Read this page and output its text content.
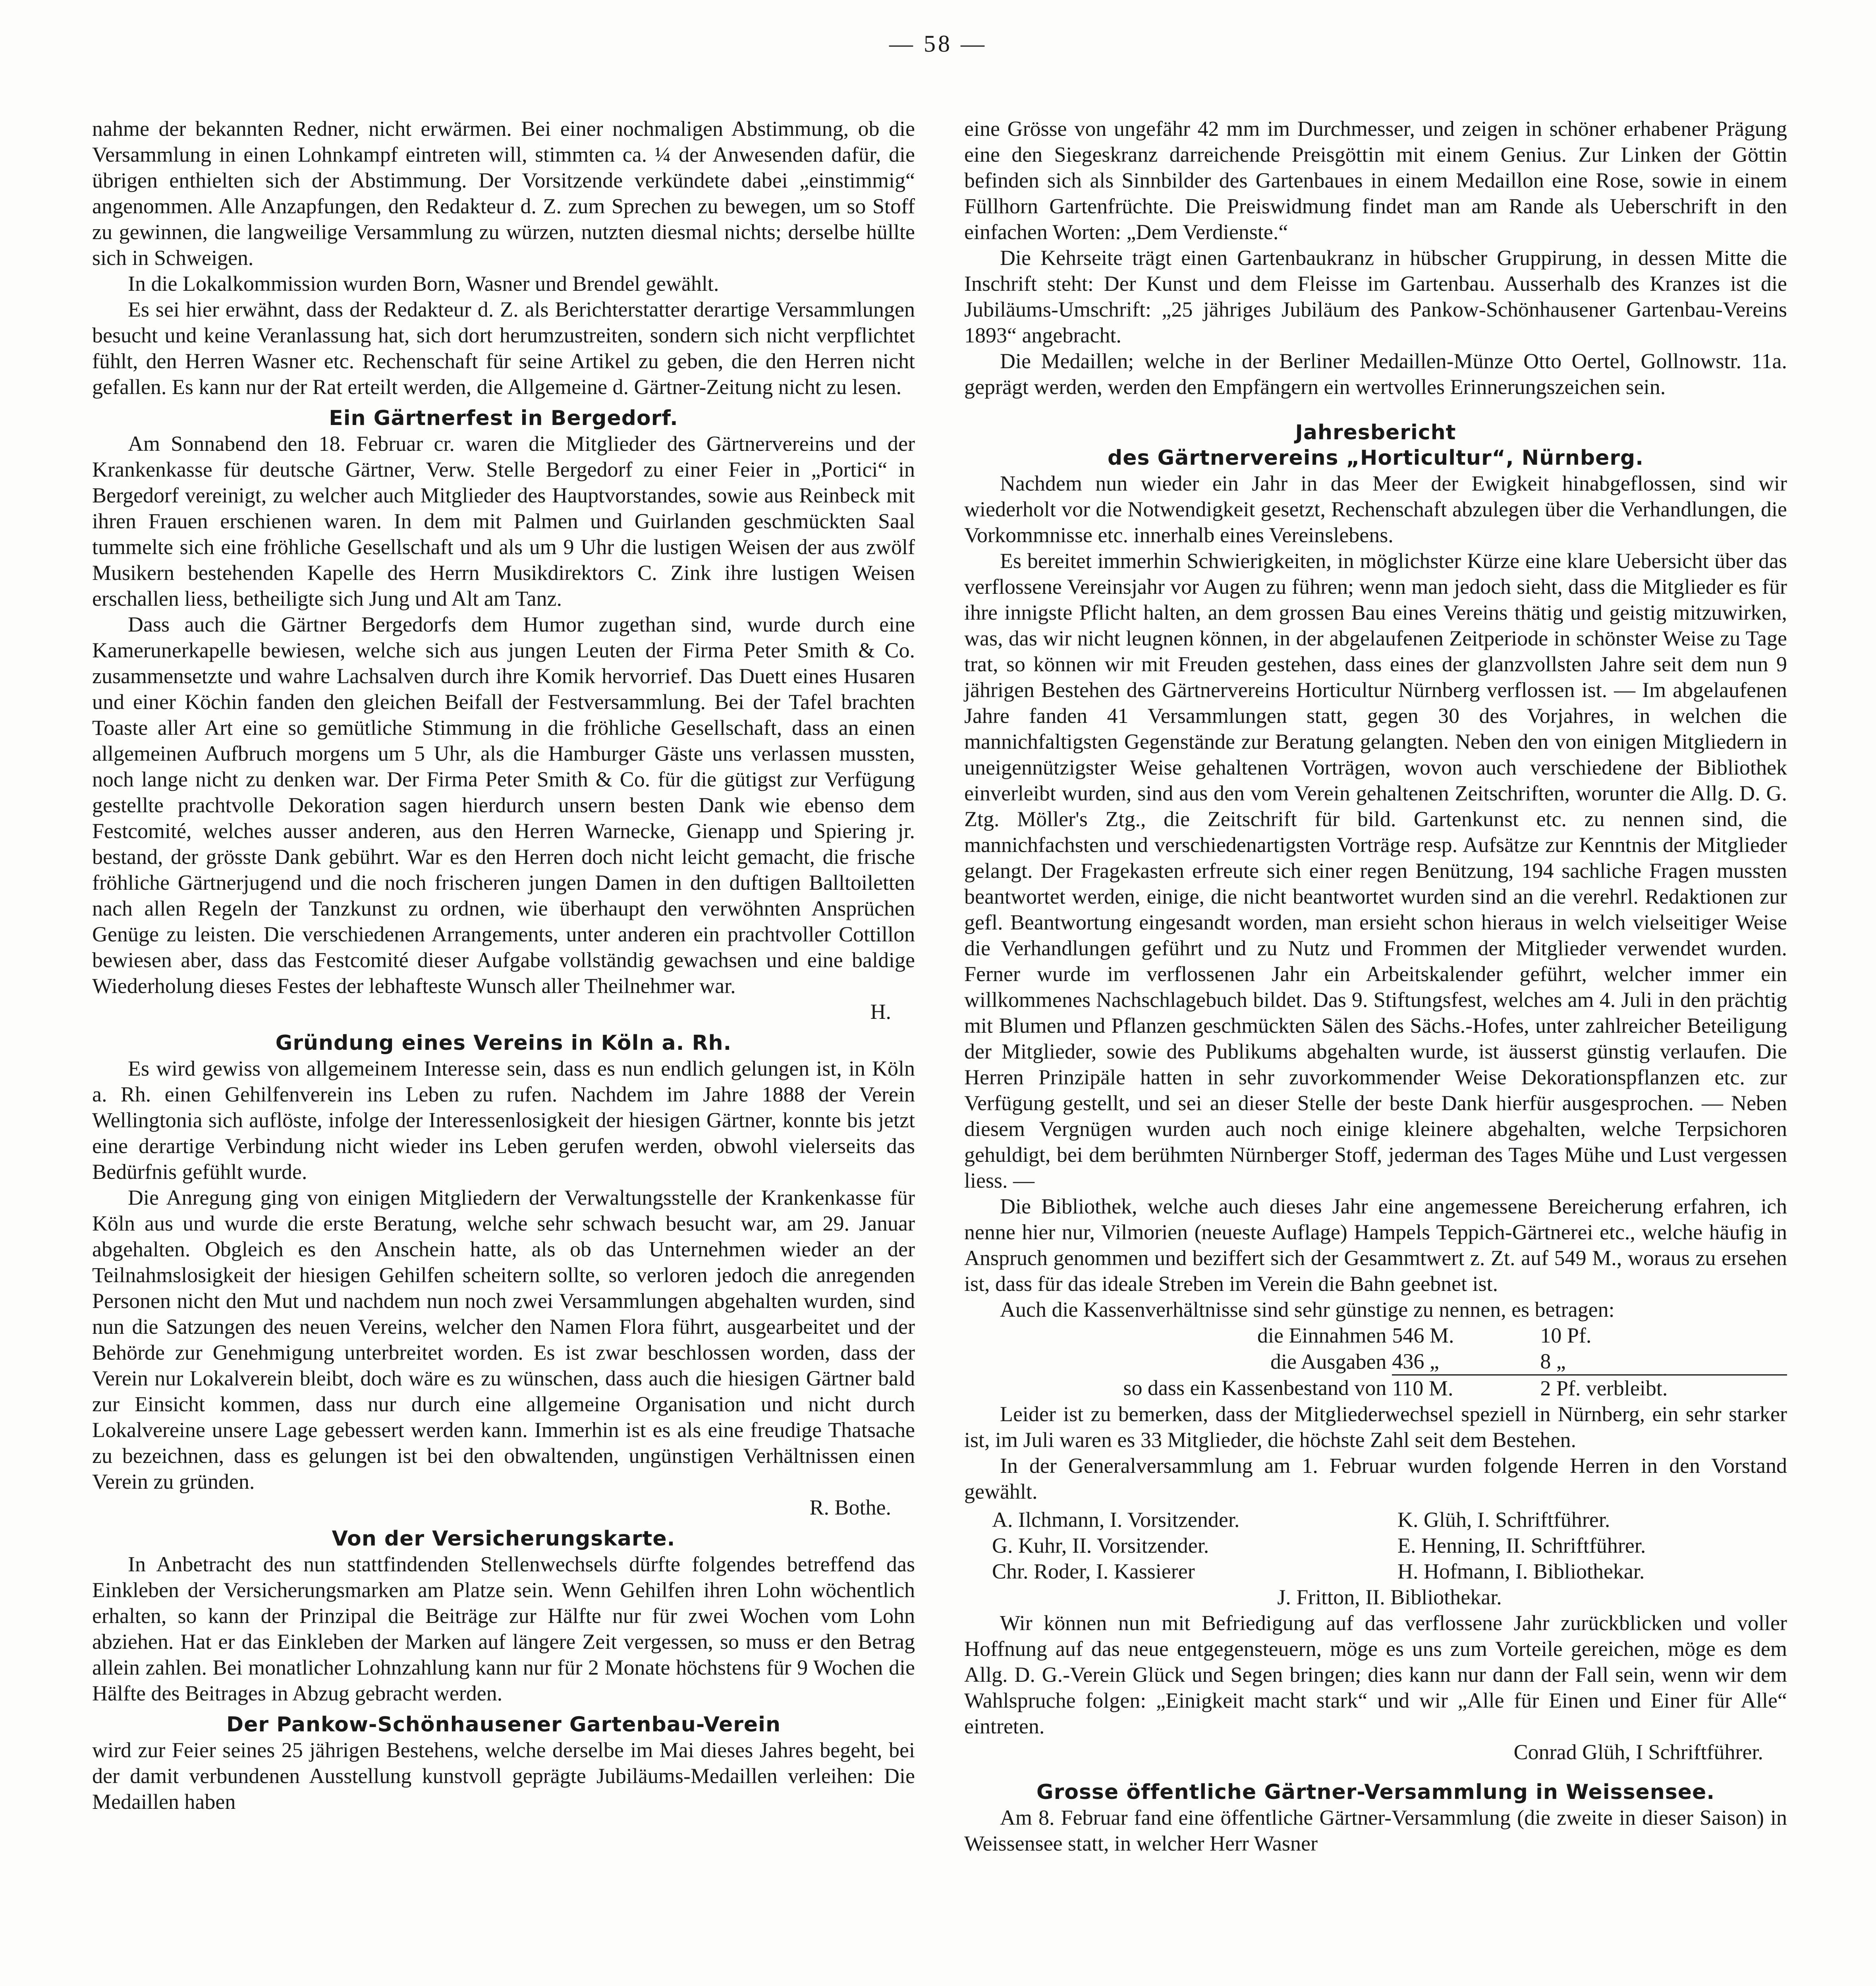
— 58 —

nahme der bekannten Redner, nicht erwärmen. Bei einer nochmaligen Abstimmung, ob die Versammlung in einen Lohnkampf eintreten will, stimmten ca. ¼ der Anwesenden dafür, die übrigen enthielten sich der Abstimmung. Der Vorsitzende verkündete dabei „einstimmig“ angenommen. Alle Anzapfungen, den Redakteur d. Z. zum Sprechen zu bewegen, um so Stoff zu gewinnen, die langweilige Versammlung zu würzen, nutzten diesmal nichts; derselbe hüllte sich in Schweigen.

In die Lokalkommission wurden Born, Wasner und Brendel gewählt.

Es sei hier erwähnt, dass der Redakteur d. Z. als Berichterstatter derartige Versammlungen besucht und keine Veranlassung hat, sich dort herumzustreiten, sondern sich nicht verpflichtet fühlt, den Herren Wasner etc. Rechenschaft für seine Artikel zu geben, die den Herren nicht gefallen. Es kann nur der Rat erteilt werden, die Allgemeine d. Gärtner-Zeitung nicht zu lesen.

Ein Gärtnerfest in Bergedorf.

Am Sonnabend den 18. Februar cr. waren die Mitglieder des Gärtnervereins und der Krankenkasse für deutsche Gärtner, Verw. Stelle Bergedorf zu einer Feier in „Portici“ in Bergedorf vereinigt, zu welcher auch Mitglieder des Hauptvorstandes, sowie aus Reinbeck mit ihren Frauen erschienen waren. In dem mit Palmen und Guirlanden geschmückten Saal tummelte sich eine fröhliche Gesellschaft und als um 9 Uhr die lustigen Weisen der aus zwölf Musikern bestehenden Kapelle des Herrn Musikdirektors C. Zink ihre lustigen Weisen erschallen liess, betheiligte sich Jung und Alt am Tanz.

Dass auch die Gärtner Bergedorfs dem Humor zugethan sind, wurde durch eine Kamerunerkapelle bewiesen, welche sich aus jungen Leuten der Firma Peter Smith & Co. zusammensetzte und wahre Lachsalven durch ihre Komik hervorrief. Das Duett eines Husaren und einer Köchin fanden den gleichen Beifall der Festversammlung. Bei der Tafel brachten Toaste aller Art eine so gemütliche Stimmung in die fröhliche Gesellschaft, dass an einen allgemeinen Aufbruch morgens um 5 Uhr, als die Hamburger Gäste uns verlassen mussten, noch lange nicht zu denken war. Der Firma Peter Smith & Co. für die gütigst zur Verfügung gestellte prachtvolle Dekoration sagen hierdurch unsern besten Dank wie ebenso dem Festcomité, welches ausser anderen, aus den Herren Warnecke, Gienapp und Spiering jr. bestand, der grösste Dank gebührt. War es den Herren doch nicht leicht gemacht, die frische fröhliche Gärtnerjugend und die noch frischeren jungen Damen in den duftigen Balltoiletten nach allen Regeln der Tanzkunst zu ordnen, wie überhaupt den verwöhnten Ansprüchen Genüge zu leisten. Die verschiedenen Arrangements, unter anderen ein prachtvoller Cottillon bewiesen aber, dass das Festcomité dieser Aufgabe vollständig gewachsen und eine baldige Wiederholung dieses Festes der lebhafteste Wunsch aller Theilnehmer war.

H.

Gründung eines Vereins in Köln a. Rh.

Es wird gewiss von allgemeinem Interesse sein, dass es nun endlich gelungen ist, in Köln a. Rh. einen Gehilfenverein ins Leben zu rufen. Nachdem im Jahre 1888 der Verein Wellingtonia sich auflöste, infolge der Interessenlosigkeit der hiesigen Gärtner, konnte bis jetzt eine derartige Verbindung nicht wieder ins Leben gerufen werden, obwohl vielerseits das Bedürfnis gefühlt wurde.

Die Anregung ging von einigen Mitgliedern der Verwaltungsstelle der Krankenkasse für Köln aus und wurde die erste Beratung, welche sehr schwach besucht war, am 29. Januar abgehalten. Obgleich es den Anschein hatte, als ob das Unternehmen wieder an der Teilnahmslosigkeit der hiesigen Gehilfen scheitern sollte, so verloren jedoch die anregenden Personen nicht den Mut und nachdem nun noch zwei Versammlungen abgehalten wurden, sind nun die Satzungen des neuen Vereins, welcher den Namen Flora führt, ausgearbeitet und der Behörde zur Genehmigung unterbreitet worden. Es ist zwar beschlossen worden, dass der Verein nur Lokalverein bleibt, doch wäre es zu wünschen, dass auch die hiesigen Gärtner bald zur Einsicht kommen, dass nur durch eine allgemeine Organisation und nicht durch Lokalvereine unsere Lage gebessert werden kann. Immerhin ist es als eine freudige Thatsache zu bezeichnen, dass es gelungen ist bei den obwaltenden, ungünstigen Verhältnissen einen Verein zu gründen.

R. Bothe.

Von der Versicherungskarte.

In Anbetracht des nun stattfindenden Stellenwechsels dürfte folgendes betreffend das Einkleben der Versicherungsmarken am Platze sein. Wenn Gehilfen ihren Lohn wöchentlich erhalten, so kann der Prinzipal die Beiträge zur Hälfte nur für zwei Wochen vom Lohn abziehen. Hat er das Einkleben der Marken auf längere Zeit vergessen, so muss er den Betrag allein zahlen. Bei monatlicher Lohnzahlung kann nur für 2 Monate höchstens für 9 Wochen die Hälfte des Beitrages in Abzug gebracht werden.

Der Pankow-Schönhausener Gartenbau-Verein

wird zur Feier seines 25 jährigen Bestehens, welche derselbe im Mai dieses Jahres begeht, bei der damit verbundenen Ausstellung kunstvoll geprägte Jubiläums-Medaillen verleihen: Die Medaillen haben

eine Grösse von ungefähr 42 mm im Durchmesser, und zeigen in schöner erhabener Prägung eine den Siegeskranz darreichende Preisgöttin mit einem Genius. Zur Linken der Göttin befinden sich als Sinnbilder des Gartenbaues in einem Medaillon eine Rose, sowie in einem Füllhorn Gartenfrüchte. Die Preiswidmung findet man am Rande als Ueberschrift in den einfachen Worten: „Dem Verdienste.“

Die Kehrseite trägt einen Gartenbaukranz in hübscher Gruppirung, in dessen Mitte die Inschrift steht: Der Kunst und dem Fleisse im Gartenbau. Ausserhalb des Kranzes ist die Jubiläums-Umschrift: „25 jähriges Jubiläum des Pankow-Schönhausener Gartenbau-Vereins 1893“ angebracht.

Die Medaillen; welche in der Berliner Medaillen-Münze Otto Oertel, Gollnowstr. 11a. geprägt werden, werden den Empfängern ein wertvolles Erinnerungszeichen sein.

Jahresbericht
des Gärtnervereins „Horticultur“, Nürnberg.

Nachdem nun wieder ein Jahr in das Meer der Ewigkeit hinabgeflossen, sind wir wiederholt vor die Notwendigkeit gesetzt, Rechenschaft abzulegen über die Verhandlungen, die Vorkommnisse etc. innerhalb eines Vereinslebens.

Es bereitet immerhin Schwierigkeiten, in möglichster Kürze eine klare Uebersicht über das verflossene Vereinsjahr vor Augen zu führen; wenn man jedoch sieht, dass die Mitglieder es für ihre innigste Pflicht halten, an dem grossen Bau eines Vereins thätig und geistig mitzuwirken, was, das wir nicht leugnen können, in der abgelaufenen Zeitperiode in schönster Weise zu Tage trat, so können wir mit Freuden gestehen, dass eines der glanzvollsten Jahre seit dem nun 9 jährigen Bestehen des Gärtnervereins Horticultur Nürnberg verflossen ist. — Im abgelaufenen Jahre fanden 41 Versammlungen statt, gegen 30 des Vorjahres, in welchen die mannichfaltigsten Gegenstände zur Beratung gelangten. Neben den von einigen Mitgliedern in uneigennützigster Weise gehaltenen Vorträgen, wovon auch verschiedene der Bibliothek einverleibt wurden, sind aus den vom Verein gehaltenen Zeitschriften, worunter die Allg. D. G. Ztg. Möller's Ztg., die Zeitschrift für bild. Gartenkunst etc. zu nennen sind, die mannichfachsten und verschiedenartigsten Vorträge resp. Aufsätze zur Kenntnis der Mitglieder gelangt. Der Fragekasten erfreute sich einer regen Benützung, 194 sachliche Fragen mussten beantwortet werden, einige, die nicht beantwortet wurden sind an die verehrl. Redaktionen zur gefl. Beantwortung eingesandt worden, man ersieht schon hieraus in welch vielseitiger Weise die Verhandlungen geführt und zu Nutz und Frommen der Mitglieder verwendet wurden. Ferner wurde im verflossenen Jahr ein Arbeitskalender geführt, welcher immer ein willkommenes Nachschlagebuch bildet. Das 9. Stiftungsfest, welches am 4. Juli in den prächtig mit Blumen und Pflanzen geschmückten Sälen des Sächs.-Hofes, unter zahlreicher Beteiligung der Mitglieder, sowie des Publikums abgehalten wurde, ist äusserst günstig verlaufen. Die Herren Prinzipäle hatten in sehr zuvorkommender Weise Dekorationspflanzen etc. zur Verfügung gestellt, und sei an dieser Stelle der beste Dank hierfür ausgesprochen. — Neben diesem Vergnügen wurden auch noch einige kleinere abgehalten, welche Terpsichoren gehuldigt, bei dem berühmten Nürnberger Stoff, jederman des Tages Mühe und Lust vergessen liess. —

Die Bibliothek, welche auch dieses Jahr eine angemessene Bereicherung erfahren, ich nenne hier nur, Vilmorien (neueste Auflage) Hampels Teppich-Gärtnerei etc., welche häufig in Anspruch genommen und beziffert sich der Gesammtwert z. Zt. auf 549 M., woraus zu ersehen ist, dass für das ideale Streben im Verein die Bahn geebnet ist.

Auch die Kassenverhältnisse sind sehr günstige zu nennen, es betragen:

die Einnahmen	546 M.	10 Pf.
die Ausgaben	436 „	8 „
so dass ein Kassenbestand von	110 M.	2 Pf. verbleibt.

Leider ist zu bemerken, dass der Mitgliederwechsel speziell in Nürnberg, ein sehr starker ist, im Juli waren es 33 Mitglieder, die höchste Zahl seit dem Bestehen.

In der Generalversammlung am 1. Februar wurden folgende Herren in den Vorstand gewählt.

A. Ilchmann, I. Vorsitzender.	K. Glüh, I. Schriftführer.
G. Kuhr, II. Vorsitzender.	E. Henning, II. Schriftführer.
Chr. Roder, I. Kassierer	H. Hofmann, I. Bibliothekar.
J. Fritton, II. Bibliothekar.

Wir können nun mit Befriedigung auf das verflossene Jahr zurückblicken und voller Hoffnung auf das neue entgegensteuern, möge es uns zum Vorteile gereichen, möge es dem Allg. D. G.-Verein Glück und Segen bringen; dies kann nur dann der Fall sein, wenn wir dem Wahlspruche folgen: „Einigkeit macht stark“ und wir „Alle für Einen und Einer für Alle“ eintreten.

Conrad Glüh, I Schriftführer.

Grosse öffentliche Gärtner-Versammlung in Weissensee.

Am 8. Februar fand eine öffentliche Gärtner-Versammlung (die zweite in dieser Saison) in Weissensee statt, in welcher Herr Wasner
